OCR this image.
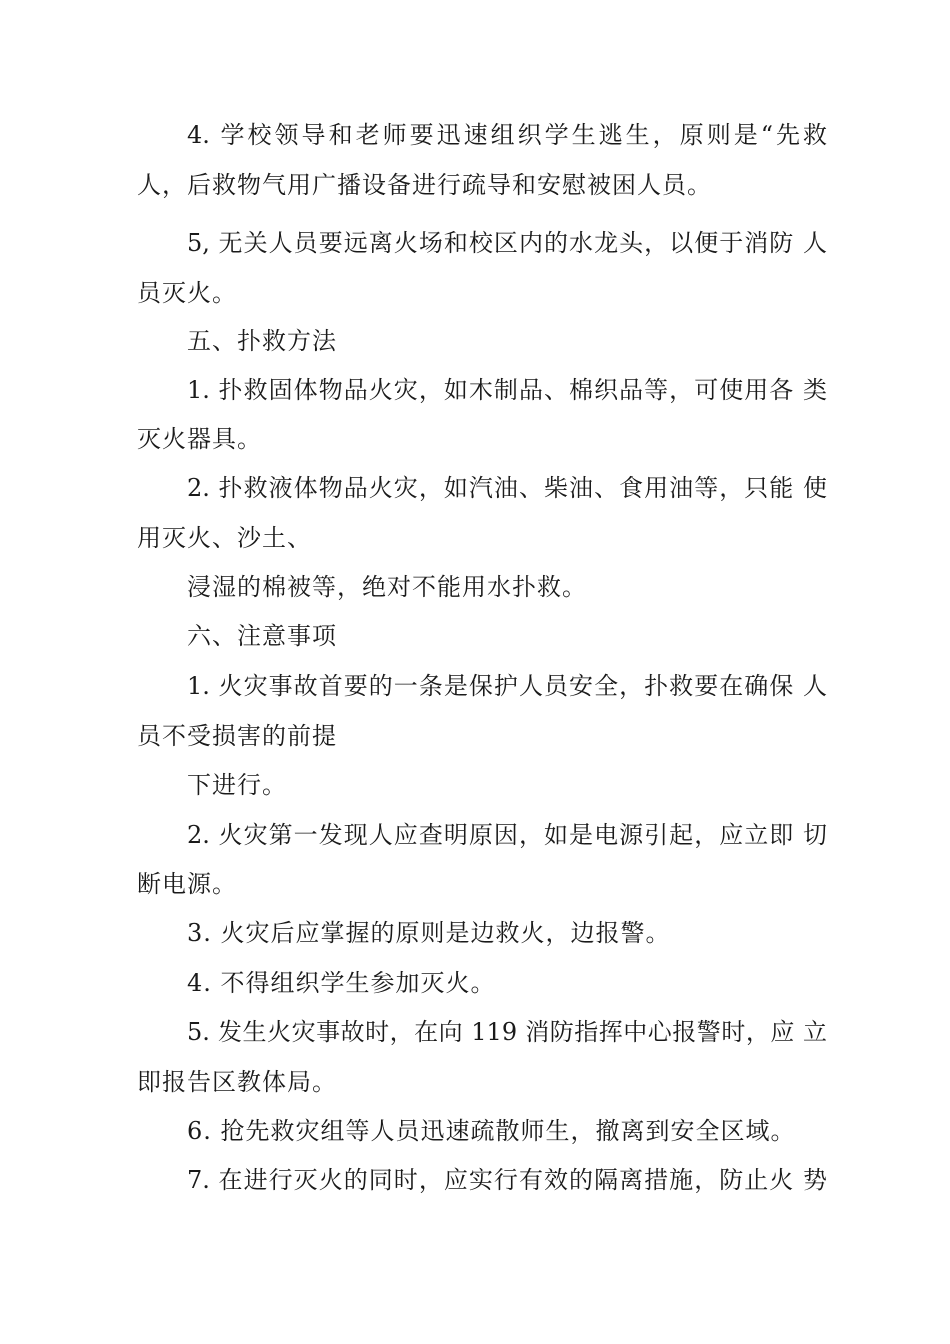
4. 学校领导和老师要迅速组织学生逃生，原则是“先救
人，后救物气用广播设备进行疏导和安慰被困人员。
5, 无关人员要远离火场和校区内的水龙头，以便于消防 人
员灭火。
五、扑救方法
1. 扑救固体物品火灾，如木制品、棉织品等，可使用各 类
灭火器具。
2. 扑救液体物品火灾，如汽油、柴油、食用油等，只能 使
用灭火、沙土、
浸湿的棉被等，绝对不能用水扑救。
六、注意事项
1. 火灾事故首要的一条是保护人员安全，扑救要在确保 人
员不受损害的前提
下进行。
2. 火灾第一发现人应查明原因，如是电源引起，应立即 切
断电源。
3. 火灾后应掌握的原则是边救火，边报警。
4. 不得组织学生参加灭火。
5. 发生火灾事故时，在向 119 消防指挥中心报警时，应 立
即报告区教体局。
6. 抢先救灾组等人员迅速疏散师生，撤离到安全区域。
7. 在进行灭火的同时，应实行有效的隔离措施，防止火 势
